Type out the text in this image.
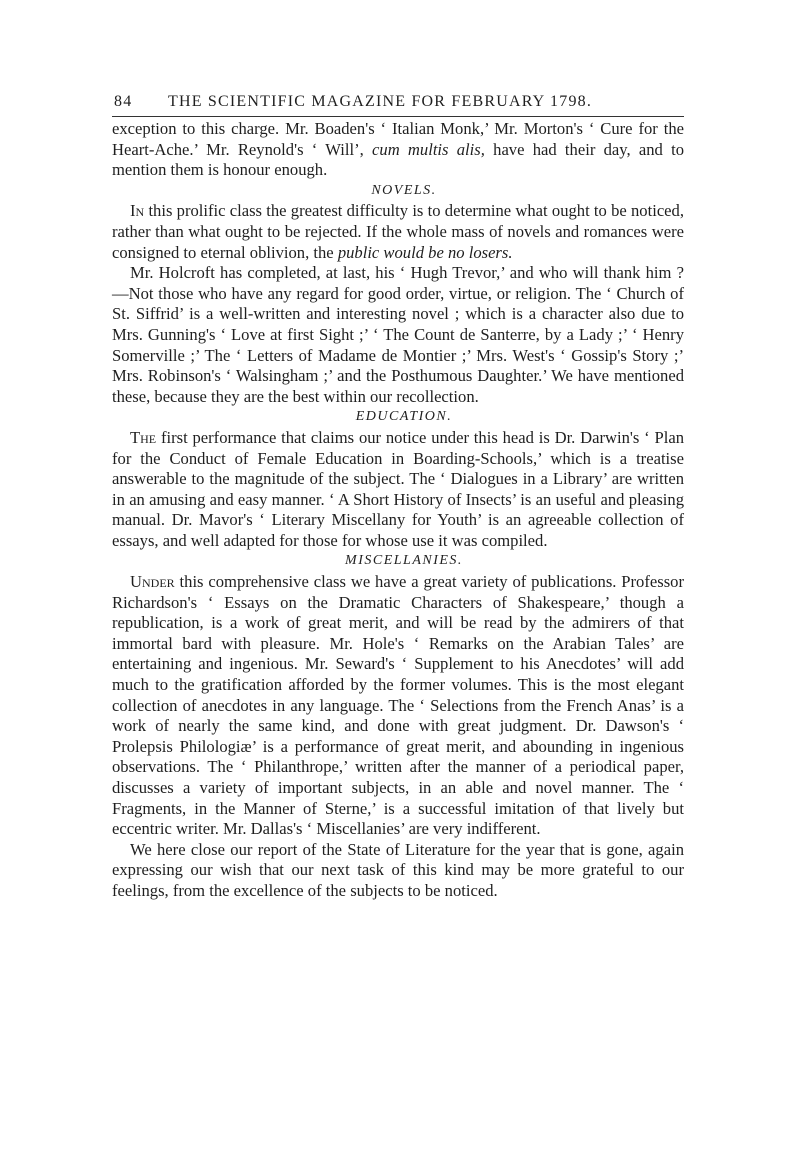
84 THE SCIENTIFIC MAGAZINE FOR FEBRUARY 1798.

exception to this charge. Mr. Boaden's ‘ Italian Monk,’ Mr. Morton's ‘ Cure for the Heart-Ache.’ Mr. Reynold's ‘ Will’, cum multis alis, have had their day, and to mention them is honour enough.

NOVELS.

In this prolific class the greatest difficulty is to determine what ought to be noticed, rather than what ought to be rejected. If the whole mass of novels and romances were consigned to eternal oblivion, the public would be no losers.

Mr. Holcroft has completed, at last, his ‘ Hugh Trevor,’ and who will thank him ?—Not those who have any regard for good order, virtue, or religion. The ‘ Church of St. Siffrid’ is a well-written and interesting novel ; which is a character also due to Mrs. Gunning's ‘ Love at first Sight ;’ ‘ The Count de Santerre, by a Lady ;’ ‘ Henry Somerville ;’ The ‘ Letters of Madame de Montier ;’ Mrs. West's ‘ Gossip's Story ;’ Mrs. Robinson's ‘ Walsingham ;’ and the Posthumous Daughter.’ We have mentioned these, because they are the best within our recollection.

EDUCATION.

The first performance that claims our notice under this head is Dr. Darwin's ‘ Plan for the Conduct of Female Education in Boarding-Schools,’ which is a treatise answerable to the magnitude of the subject. The ‘ Dialogues in a Library’ are written in an amusing and easy manner. ‘ A Short History of Insects’ is an useful and pleasing manual. Dr. Mavor's ‘ Literary Miscellany for Youth’ is an agreeable collection of essays, and well adapted for those for whose use it was compiled.

MISCELLANIES.

Under this comprehensive class we have a great variety of publications. Professor Richardson's ‘ Essays on the Dramatic Characters of Shakespeare,’ though a republication, is a work of great merit, and will be read by the admirers of that immortal bard with pleasure. Mr. Hole's ‘ Remarks on the Arabian Tales’ are entertaining and ingenious. Mr. Seward's ‘ Supplement to his Anecdotes’ will add much to the gratification afforded by the former volumes. This is the most elegant collection of anecdotes in any language. The ‘ Selections from the French Anas’ is a work of nearly the same kind, and done with great judgment. Dr. Dawson's ‘ Prolepsis Philologiæ’ is a performance of great merit, and abounding in ingenious observations. The ‘ Philanthrope,’ written after the manner of a periodical paper, discusses a variety of important subjects, in an able and novel manner. The ‘ Fragments, in the Manner of Sterne,’ is a successful imitation of that lively but eccentric writer. Mr. Dallas's ‘ Miscellanies’ are very indifferent.

We here close our report of the State of Literature for the year that is gone, again expressing our wish that our next task of this kind may be more grateful to our feelings, from the excellence of the subjects to be noticed.
